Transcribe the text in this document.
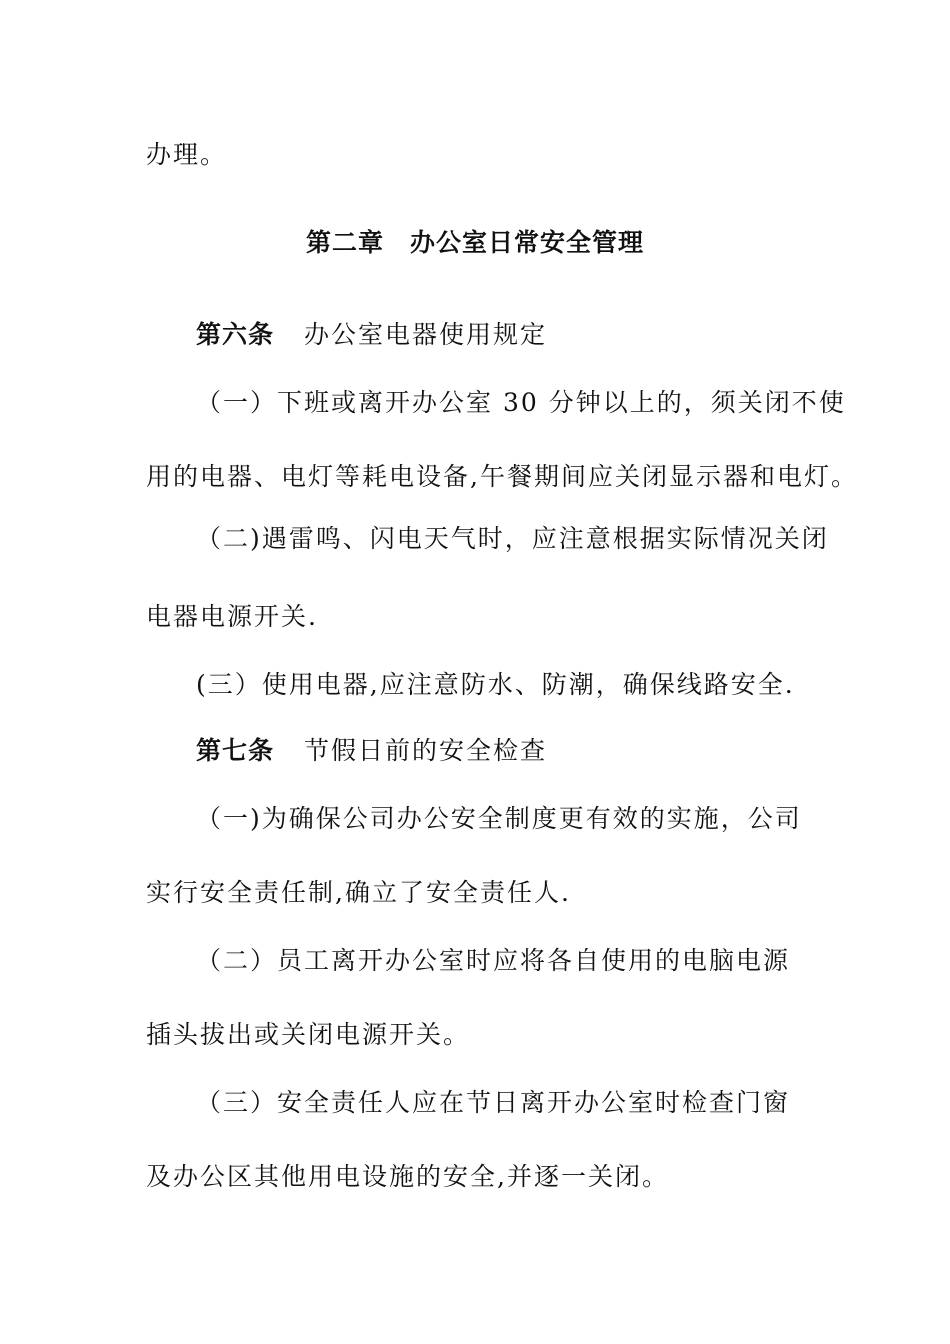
办理。
第二章　办公室日常安全管理
第六条 办公室电器使用规定
（一）下班或离开办公室 30 分钟以上的，须关闭不使
用的电器、电灯等耗电设备,午餐期间应关闭显示器和电灯。
（二)遇雷鸣、闪电天气时，应注意根据实际情况关闭
电器电源开关.
(三）使用电器,应注意防水、防潮，确保线路安全.
第七条 节假日前的安全检查
（一)为确保公司办公安全制度更有效的实施，公司
实行安全责任制,确立了安全责任人.
（二）员工离开办公室时应将各自使用的电脑电源
插头拔出或关闭电源开关。
（三）安全责任人应在节日离开办公室时检查门窗
及办公区其他用电设施的安全,并逐一关闭。
